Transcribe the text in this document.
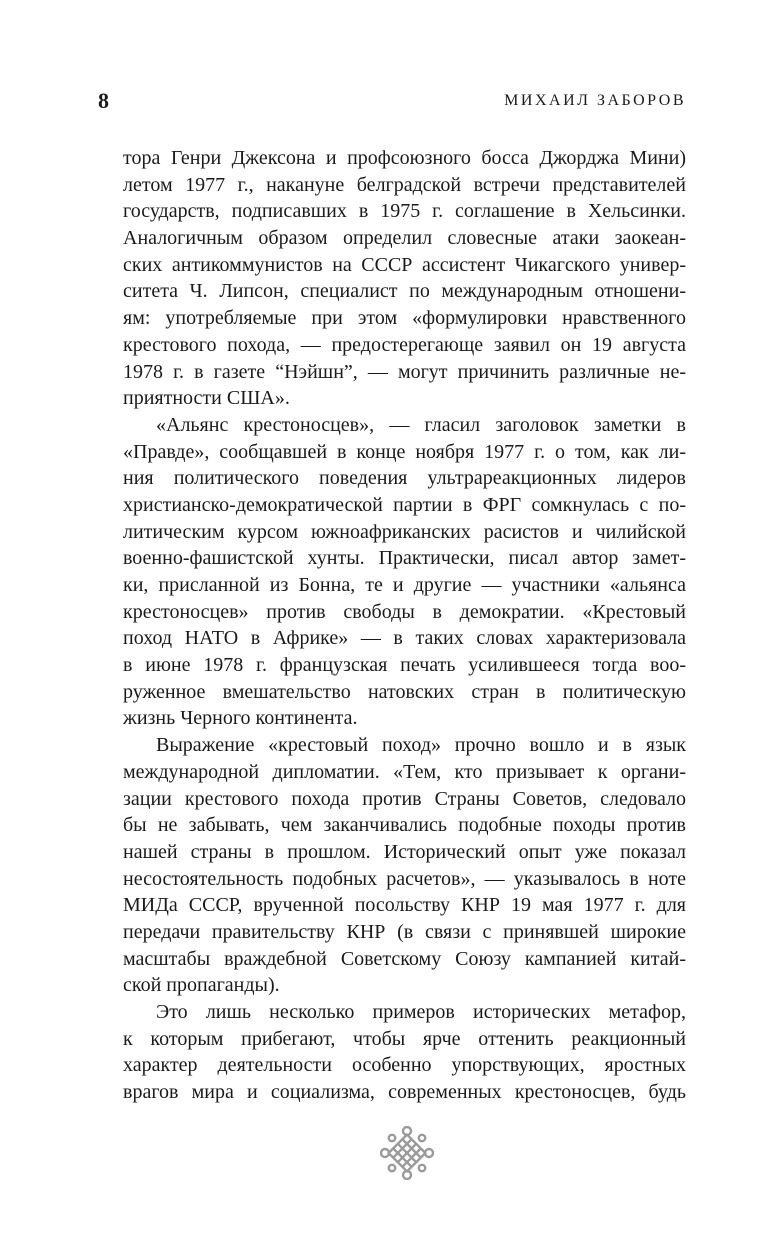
8	МИХАИЛ ЗАБОРОВ
тора Генри Джексона и профсоюзного босса Джорджа Мини)
летом 1977 г., накануне белградской встречи представителей
государств, подписавших в 1975 г. соглашение в Хельсинки.
Аналогичным образом определил словесные атаки заокеан-
ских антикоммунистов на СССР ассистент Чикагского универ-
ситета Ч. Липсон, специалист по международным отношени-
ям: употребляемые при этом «формулировки нравственного
крестового похода, — предостерегающе заявил он 19 августа
1978 г. в газете “Нэйшн”, — могут причинить различные не-
приятности США».
«Альянс крестоносцев», — гласил заголовок заметки в
«Правде», сообщавшей в конце ноября 1977 г. о том, как ли-
ния политического поведения ультрареакционных лидеров
христианско-демократической партии в ФРГ сомкнулась с по-
литическим курсом южноафриканских расистов и чилийской
военно-фашистской хунты. Практически, писал автор замет-
ки, присланной из Бонна, те и другие — участники «альянса
крестоносцев» против свободы в демократии. «Крестовый
поход НАТО в Африке» — в таких словах характеризовала
в июне 1978 г. французская печать усилившееся тогда воо-
руженное вмешательство натовских стран в политическую
жизнь Черного континента.
Выражение «крестовый поход» прочно вошло и в язык
международной дипломатии. «Тем, кто призывает к органи-
зации крестового похода против Страны Советов, следовало
бы не забывать, чем заканчивались подобные походы против
нашей страны в прошлом. Исторический опыт уже показал
несостоятельность подобных расчетов», — указывалось в ноте
МИДа СССР, врученной посольству КНР 19 мая 1977 г. для
передачи правительству КНР (в связи с принявшей широкие
масштабы враждебной Советскому Союзу кампанией китай-
ской пропаганды).
Это лишь несколько примеров исторических метафор,
к которым прибегают, чтобы ярче оттенить реакционный
характер деятельности особенно упорствующих, яростных
врагов мира и социализма, современных крестоносцев, будь
